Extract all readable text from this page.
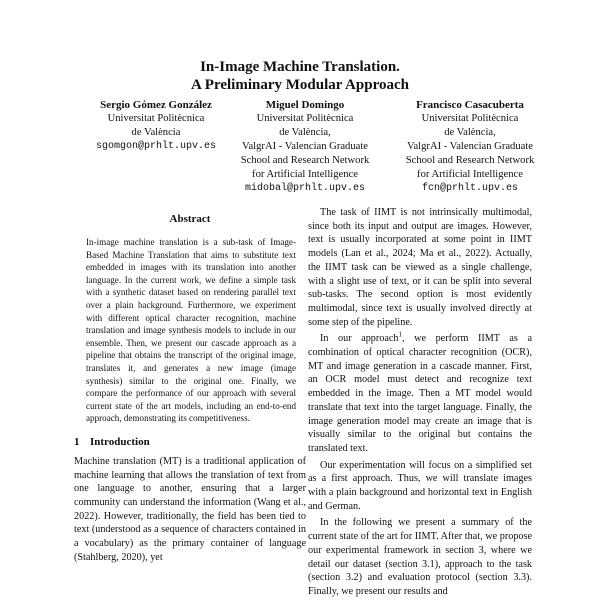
In-Image Machine Translation.
A Preliminary Modular Approach
Sergio Gómez González
Universitat Politècnica
de València
sgomgon@prhlt.upv.es
Miguel Domingo
Universitat Politècnica
de València,
ValgrAI - Valencian Graduate
School and Research Network
for Artificial Intelligence
midobal@prhlt.upv.es
Francisco Casacuberta
Universitat Politècnica
de València,
ValgrAI - Valencian Graduate
School and Research Network
for Artificial Intelligence
fcn@prhlt.upv.es
Abstract

In-image machine translation is a sub-task of Image-Based Machine Translation that aims to substitute text embedded in images with its translation into another language. In the current work, we define a simple task with a synthetic dataset based on rendering parallel text over a plain background. Furthermore, we experiment with different optical character recognition, machine translation and image synthesis models to include in our ensemble. Then, we present our cascade approach as a pipeline that obtains the transcript of the original image, translates it, and generates a new image (image synthesis) similar to the original one. Finally, we compare the performance of our approach with several current state of the art models, including an end-to-end approach, demonstrating its competitiveness.

1 Introduction

Machine translation (MT) is a traditional application of machine learning that allows the translation of text from one language to another, ensuring that a larger community can understand the information (Wang et al., 2022). However, traditionally, the field has been tied to text (understood as a sequence of characters contained in a vocabulary) as the primary container of language (Stahlberg, 2020), yet

The task of IIMT is not intrinsically multimodal, since both its input and output are images. However, text is usually incorporated at some point in IIMT models (Lan et al., 2024; Ma et al., 2022). Actually, the IIMT task can be viewed as a single challenge, with a slight use of text, or it can be split into several sub-tasks. The second option is most evidently multimodal, since text is usually involved directly at some step of the pipeline.

In our approach$^1$, we perform IIMT as a combination of optical character recognition (OCR), MT and image generation in a cascade manner. First, an OCR model must detect and recognize text embedded in the image. Then a MT model would translate that text into the target language. Finally, the image generation model may create an image that is visually similar to the original but contains the translated text.

Our experimentation will focus on a simplified set as a first approach. Thus, we will translate images with a plain background and horizontal text in English and German.

In the following we present a summary of the current state of the art for IIMT. After that, we propose our experimental framework in section 3, where we detail our dataset (section 3.1), approach to the task (section 3.2) and evaluation protocol (section 3.3). Finally, we present our results and
